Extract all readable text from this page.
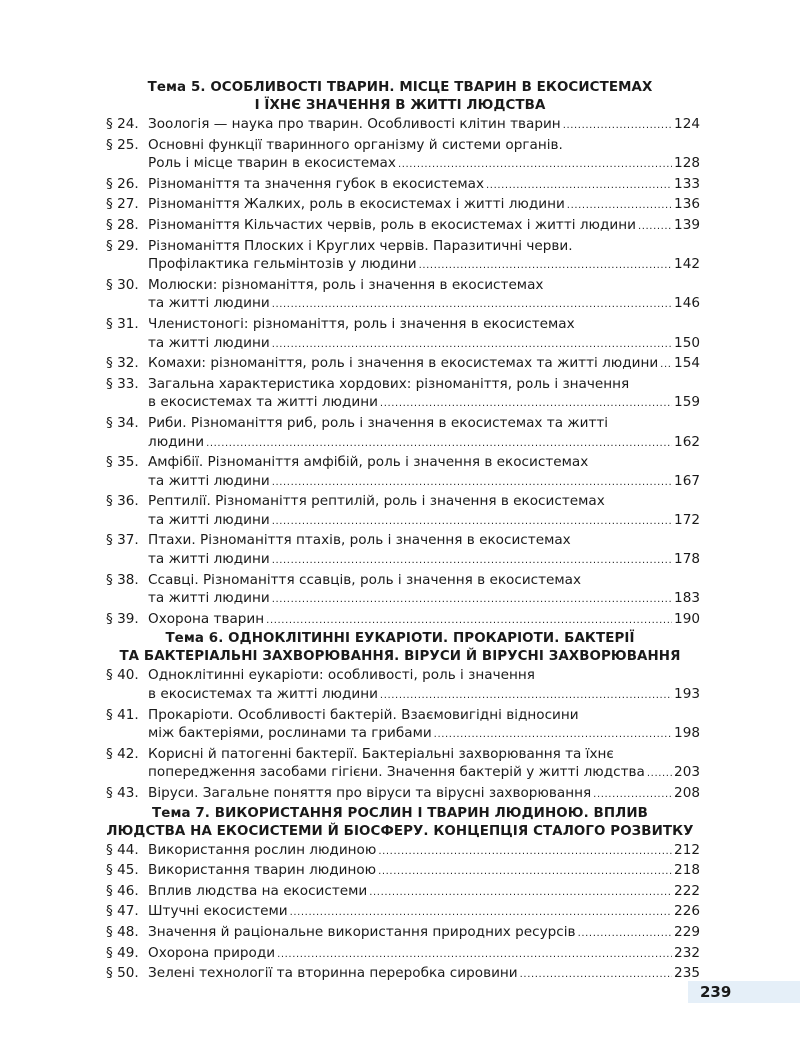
Тема 5. ОСОБЛИВОСТІ ТВАРИН. МІСЦЕ ТВАРИН В ЕКОСИСТЕМАХ
І ЇХНЄ ЗНАЧЕННЯ В ЖИТТІ ЛЮДСТВА
§ 24. Зоологія — наука про тварин. Особливості клітин тварин .....	124
§ 25. Основні функції тваринного організму й системи органів.
Роль і місце тварин в екосистемах .....	128
§ 26. Різноманіття та значення губок в екосистемах .....	133
§ 27. Різноманіття Жалких, роль в екосистемах і житті людини .....	136
§ 28. Різноманіття Кільчастих червів, роль в екосистемах і житті людини .....	139
§ 29. Різноманіття Плоских і Круглих червів. Паразитичні черви.
Профілактика гельмінтозів у людини .....	142
§ 30. Молюски: різноманіття, роль і значення в екосистемах
та житті людини .....	146
§ 31. Членистоногі: різноманіття, роль і значення в екосистемах
та житті людини .....	150
§ 32. Комахи: різноманіття, роль і значення в екосистемах та житті людини ..... 154
§ 33. Загальна характеристика хордових: різноманіття, роль і значення
в екосистемах та житті людини .....	159
§ 34. Риби. Різноманіття риб, роль і значення в екосистемах та житті
людини .....	162
§ 35. Амфібії. Різноманіття амфібій, роль і значення в екосистемах
та житті людини .....	167
§ 36. Рептилії. Різноманіття рептилій, роль і значення в екосистемах
та житті людини .....	172
§ 37. Птахи. Різноманіття птахів, роль і значення в екосистемах
та житті людини .....	178
§ 38. Ссавці. Різноманіття ссавців, роль і значення в екосистемах
та житті людини .....	183
§ 39. Охорона тварин .....	190
Тема 6. ОДНОКЛІТИННІ ЕУКАРІОТИ. ПРОКАРІОТИ. БАКТЕРІЇ
ТА БАКТЕРІАЛЬНІ ЗАХВОРЮВАННЯ. ВІРУСИ Й ВІРУСНІ ЗАХВОРЮВАННЯ
§ 40. Одноклітинні еукаріоти: особливості, роль і значення
в екосистемах та житті людини .....	193
§ 41. Прокаріоти. Особливості бактерій. Взаємовигідні відносини
між бактеріями, рослинами та грибами .....	198
§ 42. Корисні й патогенні бактерії. Бактеріальні захворювання та їхнє
попередження засобами гігієни. Значення бактерій у житті людства ..... 203
§ 43. Віруси. Загальне поняття про віруси та вірусні захворювання .....	208
Тема 7. ВИКОРИСТАННЯ РОСЛИН І ТВАРИН ЛЮДИНОЮ. ВПЛИВ
ЛЮДСТВА НА ЕКОСИСТЕМИ Й БІОСФЕРУ. КОНЦЕПЦІЯ СТАЛОГО РОЗВИТКУ
§ 44. Використання рослин людиною .....	212
§ 45. Використання тварин людиною .....	218
§ 46. Вплив людства на екосистеми .....	222
§ 47. Штучні екосистеми .....	226
§ 48. Значення й раціональне використання природних ресурсів .....	229
§ 49. Охорона природи .....	232
§ 50. Зелені технології та вторинна переробка сировини .....	235
239
